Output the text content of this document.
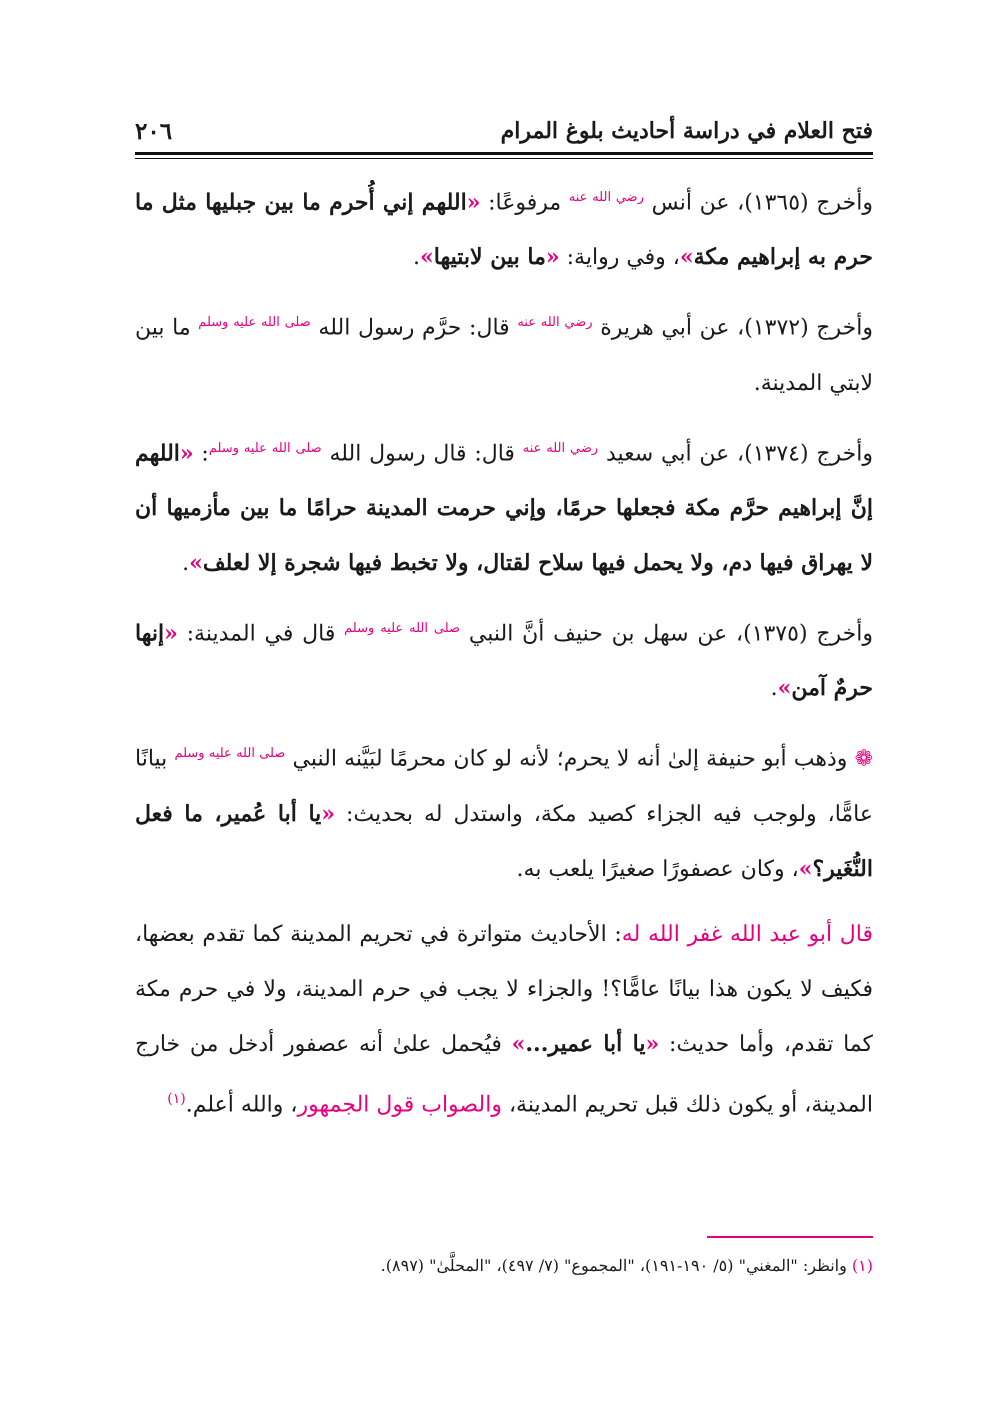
٢٠٦	فتح العلام في دراسة أحاديث بلوغ المرام

وأخرج (١٣٦٥)، عن أنس $^{رضي الله عنه}$ مرفوعًا: «اللهم إني أُحرم ما بين جبليها مثل ما حرم به إبراهيم مكة»، وفي رواية: «ما بين لابتيها».

وأخرج (١٣٧٢)، عن أبي هريرة $^{رضي الله عنه}$ قال: حرَّم رسول الله $^{صلى الله عليه وسلم}$ ما بين لابتي المدينة.

وأخرج (١٣٧٤)، عن أبي سعيد $^{رضي الله عنه}$ قال: قال رسول الله $^{صلى الله عليه وسلم}$: «اللهم إنَّ إبراهيم حرَّم مكة فجعلها حرمًا، وإني حرمت المدينة حرامًا ما بين مأزميها أن لا يهراق فيها دم، ولا يحمل فيها سلاح لقتال، ولا تخبط فيها شجرة إلا لعلف».

وأخرج (١٣٧٥)، عن سهل بن حنيف أنَّ النبي $^{صلى الله عليه وسلم}$ قال في المدينة: «إنها حرمٌ آمن».

❁ وذهب أبو حنيفة إلىٰ أنه لا يحرم؛ لأنه لو كان محرمًا لبَيَّنه النبي $^{صلى الله عليه وسلم}$ بيانًا عامًّا، ولوجب فيه الجزاء كصيد مكة، واستدل له بحديث: «يا أبا عُمير، ما فعل النُّغَير؟»، وكان عصفورًا صغيرًا يلعب به.

قال أبو عبد الله غفر الله له: الأحاديث متواترة في تحريم المدينة كما تقدم بعضها، فكيف لا يكون هذا بيانًا عامًّا؟! والجزاء لا يجب في حرم المدينة، ولا في حرم مكة كما تقدم، وأما حديث: «يا أبا عمير...» فيُحمل علىٰ أنه عصفور أدخل من خارج المدينة، أو يكون ذلك قبل تحريم المدينة، والصواب قول الجمهور، والله أعلم.$^{(١)}$

(١) وانظر: "المغني" (٥/ ١٩٠-١٩١)، "المجموع" (٧/ ٤٩٧)، "المحلَّىٰ" (٨٩٧).
